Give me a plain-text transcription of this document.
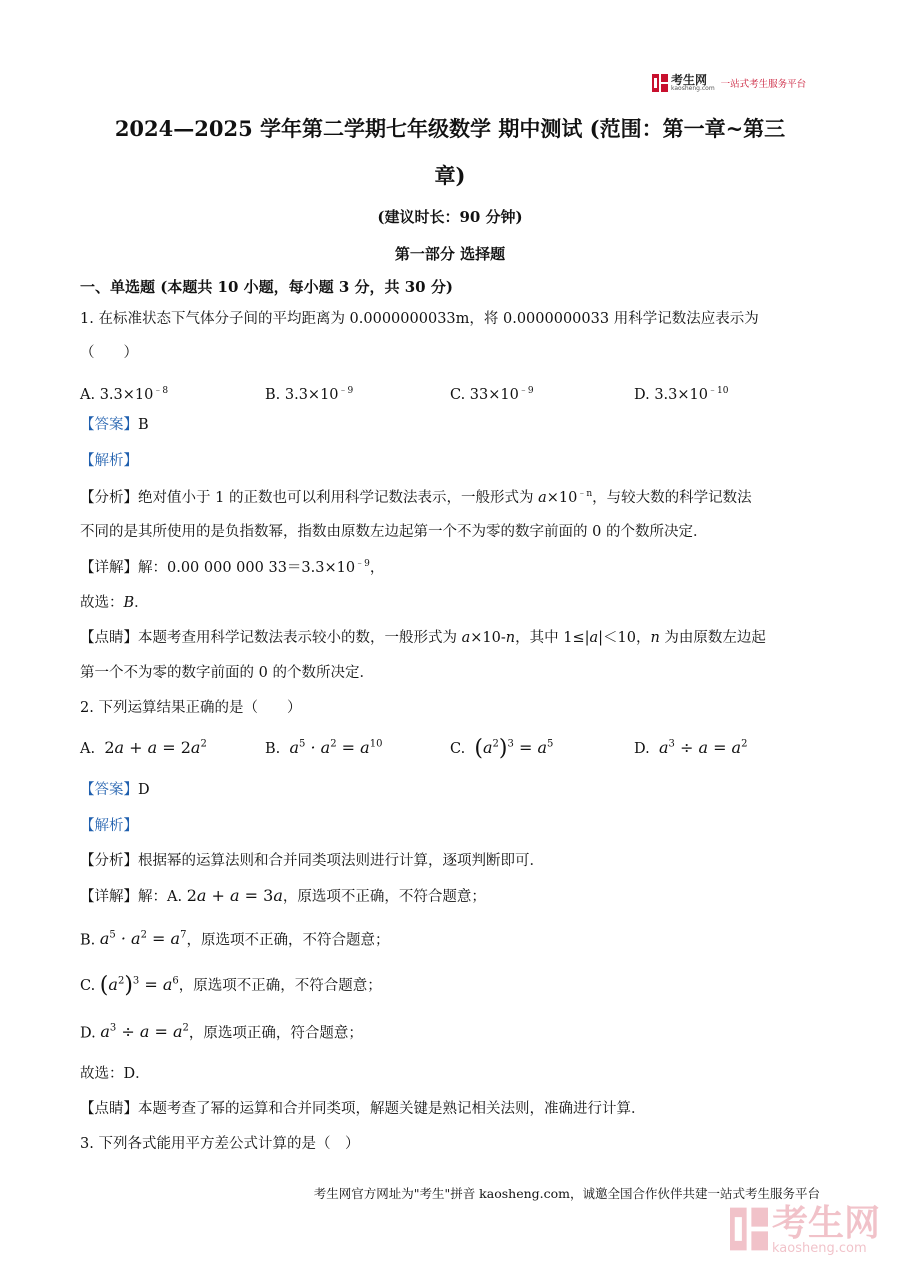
考生网
kaosheng.com 一站式考生服务平台
2024—2025 学年第二学期七年级数学 期中测试 (范围：第一章~第三
章)
(建议时长：90 分钟)
第一部分 选择题
一、单选题 (本题共 10 小题，每小题 3 分，共 30 分)
1. 在标准状态下气体分子间的平均距离为 0.0000000033m，将 0.0000000033 用科学记数法应表示为
（　　）
A. $3.3\times 10^{﹣8}$	B. $3.3\times 10^{﹣9}$	C. $33\times 10^{﹣9}$	D. $3.3\times 10^{﹣10}$
【答案】B
【解析】
【分析】绝对值小于 1 的正数也可以利用科学记数法表示，一般形式为 $a\times 10^{﹣n}$，与较大数的科学记数法
不同的是其所使用的是负指数幂，指数由原数左边起第一个不为零的数字前面的 0 的个数所决定．
【详解】解：0.00 000 000 $33=3.3\times 10^{﹣9}$，
故选：B．
【点睛】本题考查用科学记数法表示较小的数，一般形式为 a×10-n，其中 1≤|a|＜10，n 为由原数左边起
第一个不为零的数字前面的 0 的个数所决定．
2. 下列运算结果正确的是（　　）
A. $2a + a = 2a^2$	B. $a^5 \cdot a^2 = a^{10}$	C. $(a^2)^3 = a^5$	D. $a^3 \div a = a^2$
【答案】D
【解析】
【分析】根据幂的运算法则和合并同类项法则进行计算，逐项判断即可．
【详解】解：A. 2a + a = 3a，原选项不正确，不符合题意；
B. $a^5 \cdot a^2 = a^7$，原选项不正确，不符合题意；
C. $(a^2)^3 = a^6$，原选项不正确，不符合题意；
D. $a^3 \div a = a^2$，原选项正确，符合题意；
故选：D．
【点睛】本题考查了幂的运算和合并同类项，解题关键是熟记相关法则，准确进行计算．
3. 下列各式能用平方差公式计算的是（　）
考生网官方网址为"考生"拼音 kaosheng.com，诚邀全国合作伙伴共建一站式考生服务平台
考生网
kaosheng.com
